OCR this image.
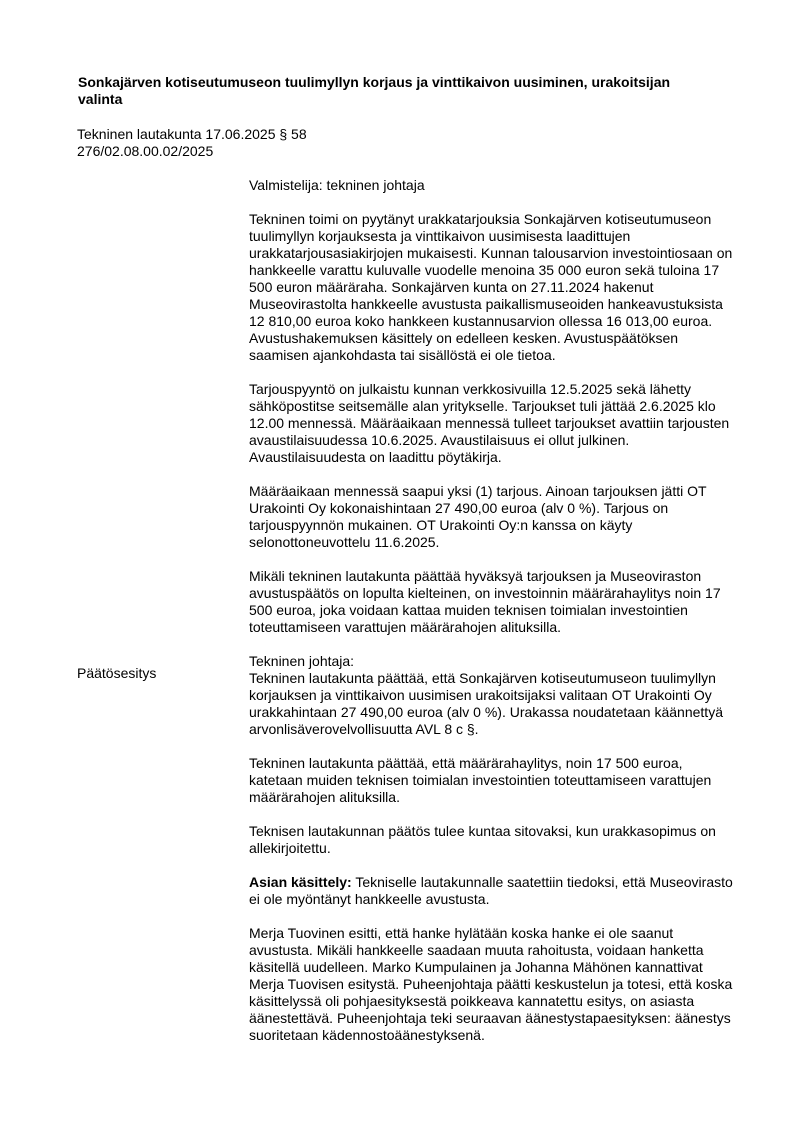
Sonkajärven kotiseutumuseon tuulimyllyn korjaus ja vinttikaivon uusiminen, urakoitsijan valinta
Tekninen lautakunta 17.06.2025 § 58
276/02.08.00.02/2025
Päätösesitys

Valmistelija: tekninen johtaja

Tekninen toimi on pyytänyt urakkatarjouksia Sonkajärven kotiseutumuseon tuulimyllyn korjauksesta ja vinttikaivon uusimisesta laadittujen urakkatarjousasiakirjojen mukaisesti. Kunnan talousarvion investointiosaan on hankkeelle varattu kuluvalle vuodelle menoina 35 000 euron sekä tuloina 17 500 euron määräraha. Sonkajärven kunta on 27.11.2024 hakenut Museovirastolta hankkeelle avustusta paikallismuseoiden hankeavustuksista 12 810,00 euroa koko hankkeen kustannusarvion ollessa 16 013,00 euroa. Avustushakemuksen käsittely on edelleen kesken. Avustuspäätöksen saamisen ajankohdasta tai sisällöstä ei ole tietoa.

Tarjouspyyntö on julkaistu kunnan verkkosivuilla 12.5.2025 sekä lähetty sähköpostitse seitsemälle alan yritykselle. Tarjoukset tuli jättää 2.6.2025 klo 12.00 mennessä. Määräaikaan mennessä tulleet tarjoukset avattiin tarjousten avaustilaisuudessa 10.6.2025. Avaustilaisuus ei ollut julkinen. Avaustilaisuudesta on laadittu pöytäkirja.

Määräaikaan mennessä saapui yksi (1) tarjous. Ainoan tarjouksen jätti OT Urakointi Oy kokonaishintaan 27 490,00 euroa (alv 0 %). Tarjous on tarjouspyynnön mukainen. OT Urakointi Oy:n kanssa on käyty selonottoneuvottelu 11.6.2025.

Mikäli tekninen lautakunta päättää hyväksyä tarjouksen ja Museoviraston avustuspäätös on lopulta kielteinen, on investoinnin määrärahaylitys noin 17 500 euroa, joka voidaan kattaa muiden teknisen toimialan investointien toteuttamiseen varattujen määrärahojen alituksilla.

Tekninen johtaja:

Tekninen lautakunta päättää, että Sonkajärven kotiseutumuseon tuulimyllyn korjauksen ja vinttikaivon uusimisen urakoitsijaksi valitaan OT Urakointi Oy urakkahintaan 27 490,00 euroa (alv 0 %). Urakassa noudatetaan käännettyä arvonlisäverovelvollisuutta AVL 8 c §.

Tekninen lautakunta päättää, että määrärahaylitys, noin 17 500 euroa, katetaan muiden teknisen toimialan investointien toteuttamiseen varattujen määrärahojen alituksilla.

Teknisen lautakunnan päätös tulee kuntaa sitovaksi, kun urakkasopimus on allekirjoitettu.

Asian käsittely: Tekniselle lautakunnalle saatettiin tiedoksi, että Museovirasto ei ole myöntänyt hankkeelle avustusta.

Merja Tuovinen esitti, että hanke hylätään koska hanke ei ole saanut avustusta. Mikäli hankkeelle saadaan muuta rahoitusta, voidaan hanketta käsitellä uudelleen. Marko Kumpulainen ja Johanna Mähönen kannattivat Merja Tuovisen esitystä. Puheenjohtaja päätti keskustelun ja totesi, että koska käsittelyssä oli pohjaesityksestä poikkeava kannatettu esitys, on asiasta äänestettävä. Puheenjohtaja teki seuraavan äänestystapaesityksen: äänestys suoritetaan kädennostoäänestyksenä.
